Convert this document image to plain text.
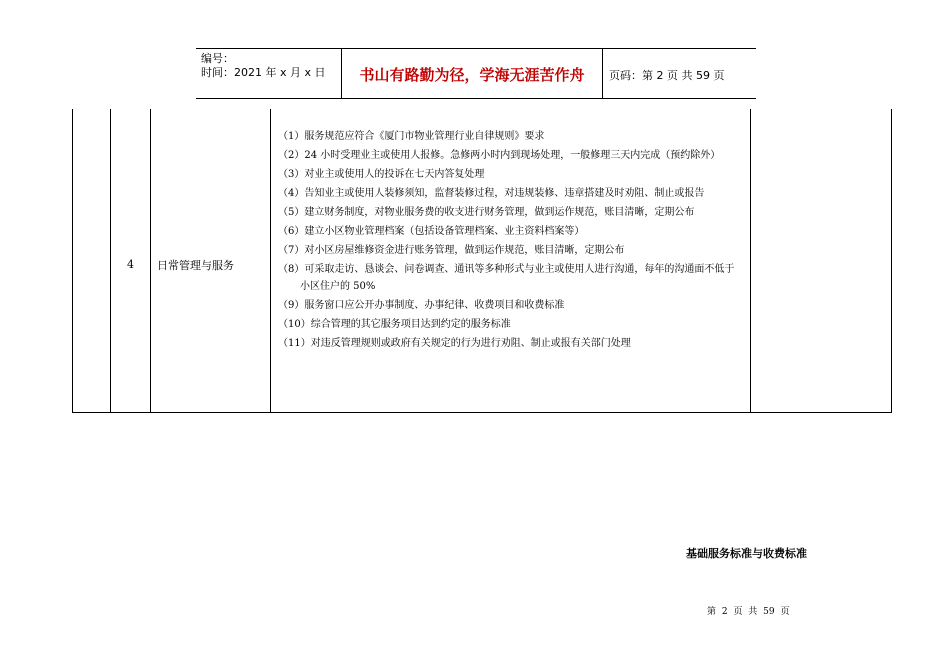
编号：
时间：2021 年 x 月 x 日	书山有路勤为径，学海无涯苦作舟	页码：第 2 页 共 59 页
4	日常管理与服务
（1）服务规范应符合《厦门市物业管理行业自律规则》要求
（2）24 小时受理业主或使用人报修。急修两小时内到现场处理，一般修理三天内完成（预约除外）
（3）对业主或使用人的投诉在七天内答复处理
（4）告知业主或使用人装修须知，监督装修过程，对违规装修、违章搭建及时劝阻、制止或报告
（5）建立财务制度，对物业服务费的收支进行财务管理，做到运作规范，账目清晰，定期公布
（6）建立小区物业管理档案（包括设备管理档案、业主资料档案等）
（7）对小区房屋维修资金进行账务管理，做到运作规范，账目清晰，定期公布
（8）可采取走访、恳谈会、问卷调查、通讯等多种形式与业主或使用人进行沟通，每年的沟通面不低于小区住户的 50%
（9）服务窗口应公开办事制度、办事纪律、收费项目和收费标准
（10）综合管理的其它服务项目达到约定的服务标准
（11）对违反管理规则或政府有关规定的行为进行劝阻、制止或报有关部门处理
基础服务标准与收费标准
第 2 页 共 59 页
